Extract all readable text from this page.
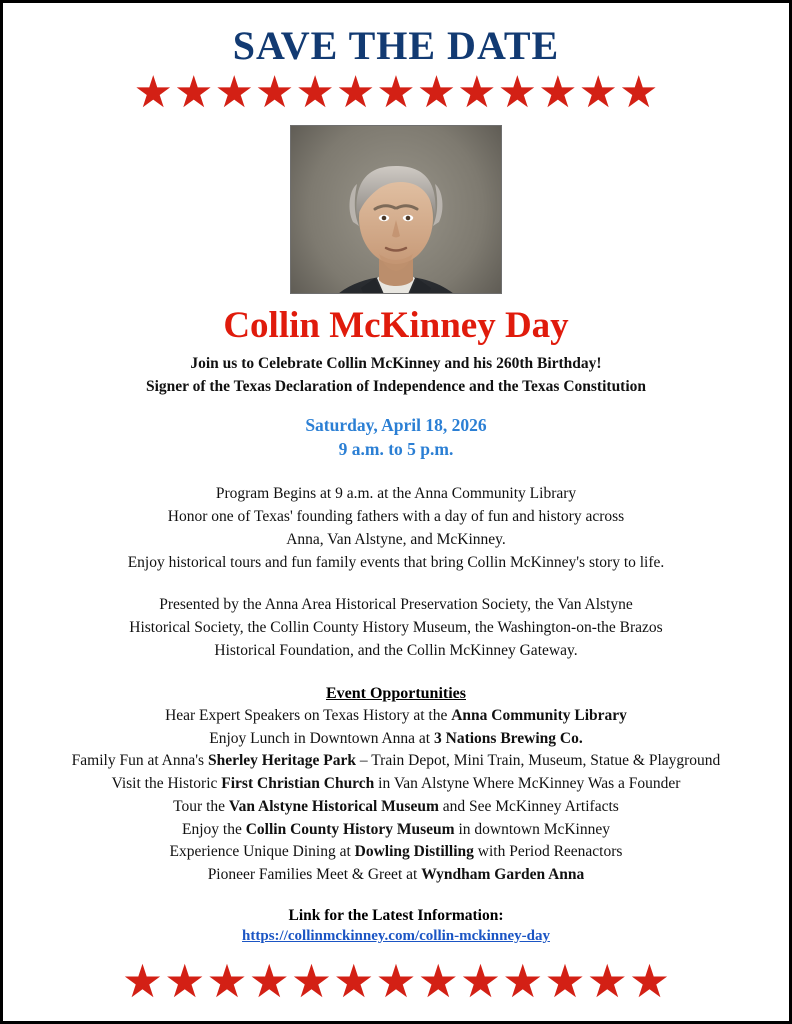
SAVE THE DATE
★ ★ ★ ★ ★ ★ ★ ★ ★ ★ ★ ★ ★
Collin McKinney Day
Join us to Celebrate Collin McKinney and his 260th Birthday!
Signer of the Texas Declaration of Independence and the Texas Constitution
Saturday, April 18, 2026
9 a.m. to 5 p.m.
Program Begins at 9 a.m. at the Anna Community Library
Honor one of Texas' founding fathers with a day of fun and history across
Anna, Van Alstyne, and McKinney.
Enjoy historical tours and fun family events that bring Collin McKinney's story to life.
Presented by the Anna Area Historical Preservation Society, the Van Alstyne
Historical Society, the Collin County History Museum, the Washington-on-the Brazos
Historical Foundation, and the Collin McKinney Gateway.
Event Opportunities
Hear Expert Speakers on Texas History at the Anna Community Library
Enjoy Lunch in Downtown Anna at 3 Nations Brewing Co.
Family Fun at Anna's Sherley Heritage Park – Train Depot, Mini Train, Museum, Statue & Playground
Visit the Historic First Christian Church in Van Alstyne Where McKinney Was a Founder
Tour the Van Alstyne Historical Museum and See McKinney Artifacts
Enjoy the Collin County History Museum in downtown McKinney
Experience Unique Dining at Dowling Distilling with Period Reenactors
Pioneer Families Meet & Greet at Wyndham Garden Anna
Link for the Latest Information:
https://collinmckinney.com/collin-mckinney-day
★ ★ ★ ★ ★ ★ ★ ★ ★ ★ ★ ★ ★
